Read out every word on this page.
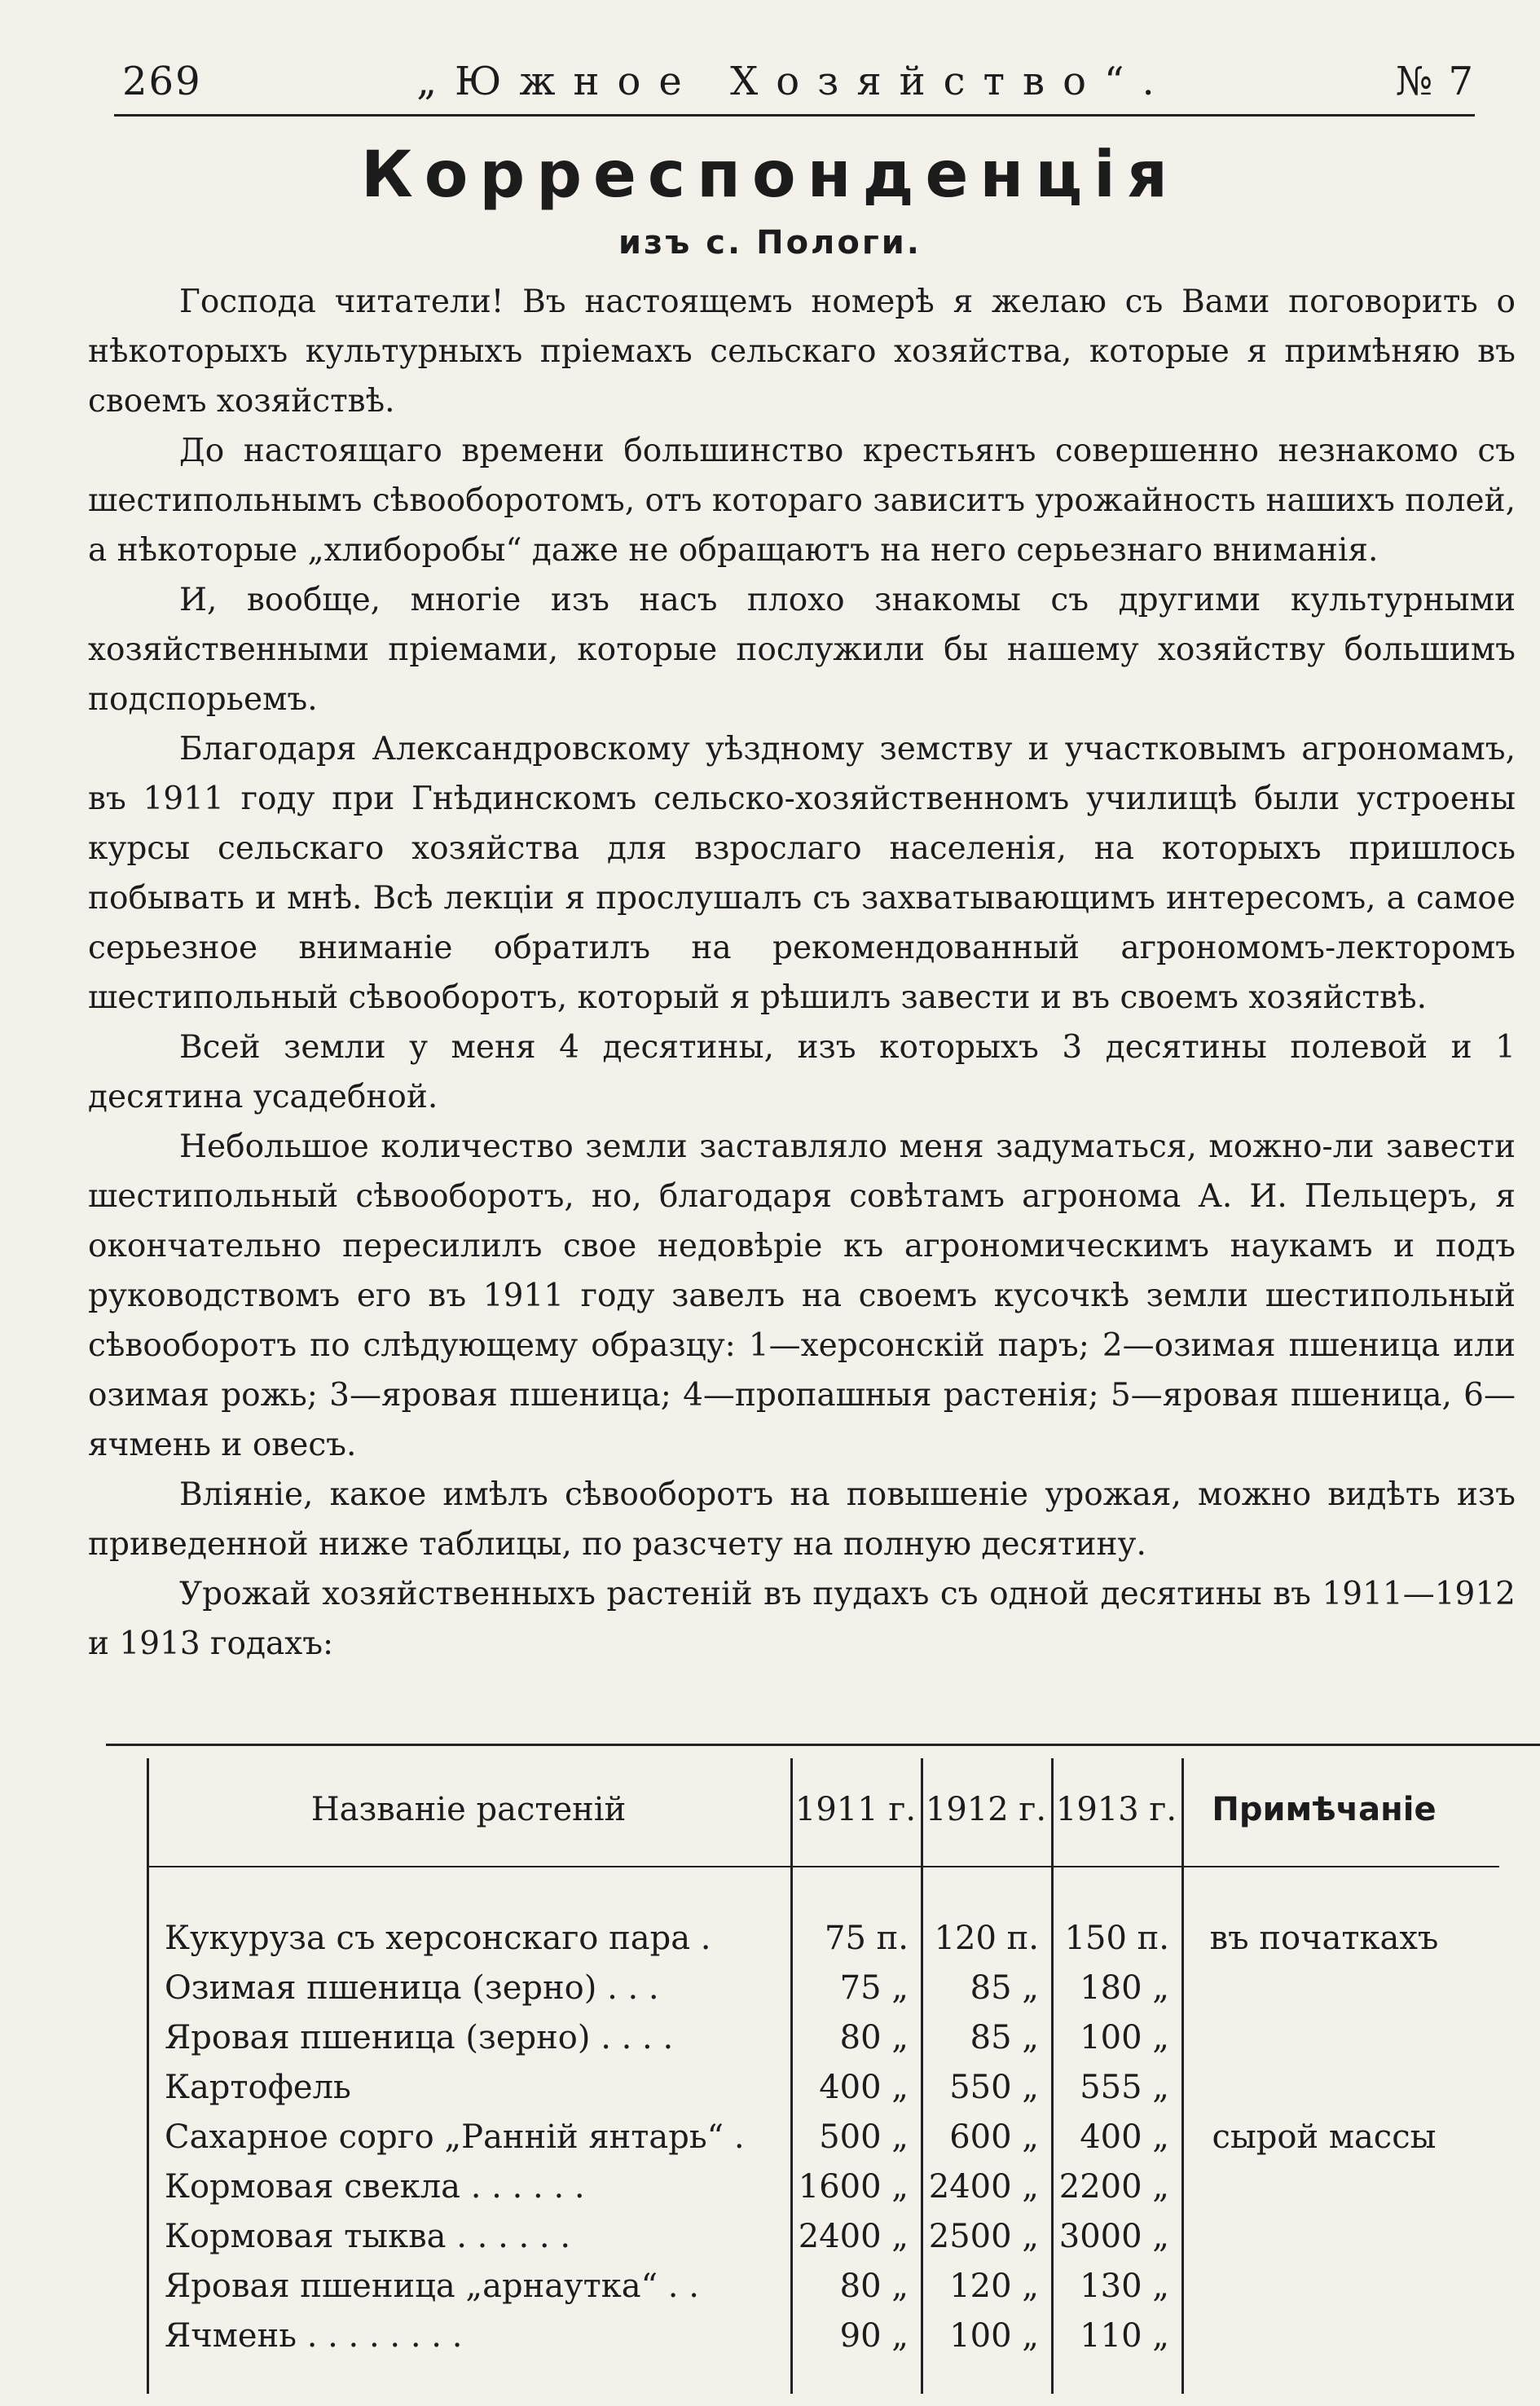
269	„Южное Хозяйство“.	№ 7
Корреспонденція
изъ с. Пологи.

Господа читатели! Въ настоящемъ номерѣ я желаю съ Вами поговорить о нѣкоторыхъ культурныхъ пріемахъ сельскаго хозяйства, которые я примѣняю въ своемъ хозяйствѣ.

До настоящаго времени большинство крестьянъ совершенно незнакомо съ шестипольнымъ сѣвооборотомъ, отъ котораго зависитъ урожайность нашихъ полей, а нѣкоторые „хлиборобы“ даже не обращаютъ на него серьезнаго вниманія.

И, вообще, многіе изъ насъ плохо знакомы съ другими культурными хозяйственными пріемами, которые послужили бы нашему хозяйству большимъ подспорьемъ.

Благодаря Александровскому уѣздному земству и участковымъ агрономамъ, въ 1911 году при Гнѣдинскомъ сельско-хозяйственномъ училищѣ были устроены курсы сельскаго хозяйства для взрослаго населенія, на которыхъ пришлось побывать и мнѣ. Всѣ лекціи я прослушалъ съ захватывающимъ интересомъ, а самое серьезное вниманіе обратилъ на рекомендованный агрономомъ-лекторомъ шестипольный сѣвооборотъ, который я рѣшилъ завести и въ своемъ хозяйствѣ.

Всей земли у меня 4 десятины, изъ которыхъ 3 десятины полевой и 1 десятина усадебной.

Небольшое количество земли заставляло меня задуматься, можно-ли завести шестипольный сѣвооборотъ, но, благодаря совѣтамъ агронома А. И. Пельцеръ, я окончательно пересилилъ свое недовѣріе къ агрономическимъ наукамъ и подъ руководствомъ его въ 1911 году завелъ на своемъ кусочкѣ земли шестипольный сѣвооборотъ по слѣдующему образцу: 1—херсонскій паръ; 2—озимая пшеница или озимая рожь; 3—яровая пшеница; 4—пропашныя растенія; 5—яровая пшеница, 6—ячмень и овесъ.

Вліяніе, какое имѣлъ сѣвооборотъ на повышеніе урожая, можно видѣть изъ приведенной ниже таблицы, по разсчету на полную десятину.

Урожай хозяйственныхъ растеній въ пудахъ съ одной десятины въ 1911—1912 и 1913 годахъ:

Названіе растеній	1911 г. 1912 г. 1913 г.	Примѣчаніе
Кукуруза съ херсонскаго пара .	75 п. 120 п. 150 п.	въ початкахъ
Озимая пшеница (зерно) . . .	75 „	85 „	180 „
Яровая пшеница (зерно) . . . .	80 „	85 „	100 „
Картофель	400 „	550 „	555 „
Сахарное сорго „Ранній янтарь“ .	500 „	600 „	400 „	сырой массы
Кормовая свекла . . . . . .	1600 „ 2400 „ 2200 „
Кормовая тыква . . . . . .	2400 „ 2500 „ 3000 „
Яровая пшеница „арнаутка“ . .	80 „	120 „	130 „
Ячмень . . . . . . . .	90 „	100 „	110 „
